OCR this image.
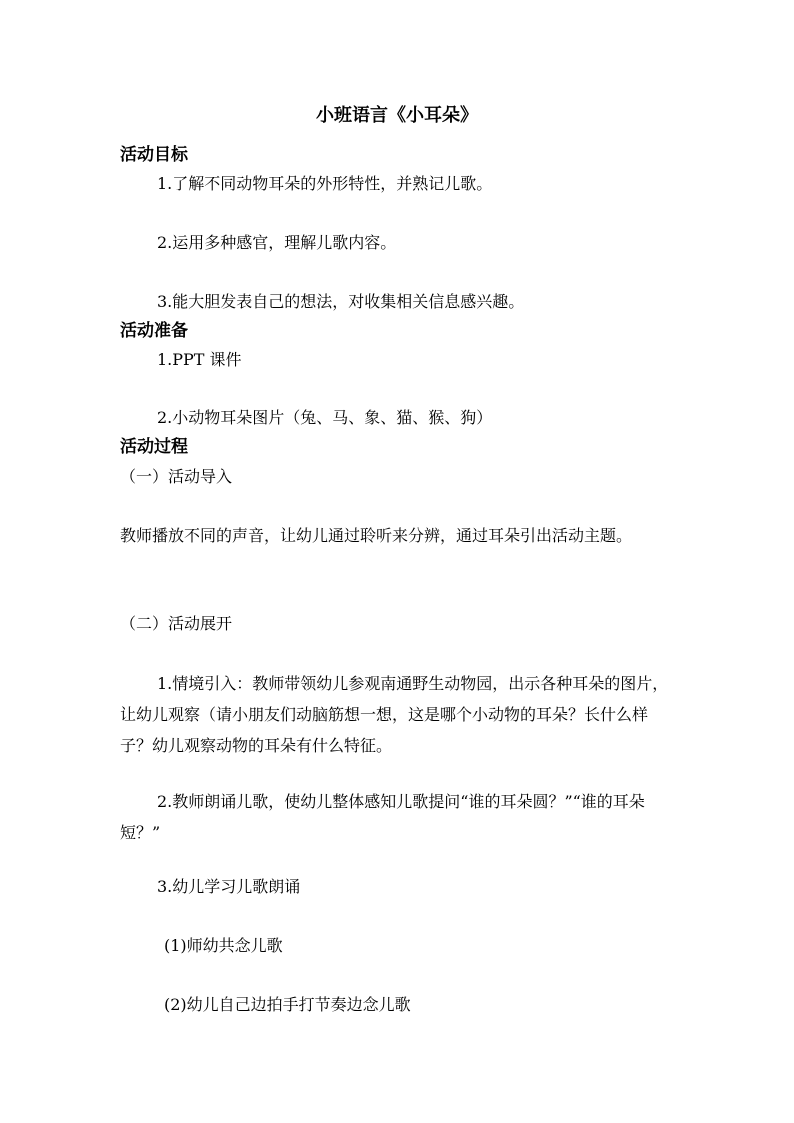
小班语言《小耳朵》
活动目标
1.了解不同动物耳朵的外形特性，并熟记儿歌。
2.运用多种感官，理解儿歌内容。
3.能大胆发表自己的想法，对收集相关信息感兴趣。
活动准备
1.PPT 课件
2.小动物耳朵图片（兔、马、象、猫、猴、狗）
活动过程
（一）活动导入
教师播放不同的声音，让幼儿通过聆听来分辨，通过耳朵引出活动主题。
（二）活动展开
1.情境引入：教师带领幼儿参观南通野生动物园，出示各种耳朵的图片，让幼儿观察（请小朋友们动脑筋想一想，这是哪个小动物的耳朵？长什么样子？幼儿观察动物的耳朵有什么特征。
2.教师朗诵儿歌，使幼儿整体感知儿歌提问“谁的耳朵圆？”“谁的耳朵短？”
3.幼儿学习儿歌朗诵
(1)师幼共念儿歌
(2)幼儿自己边拍手打节奏边念儿歌
